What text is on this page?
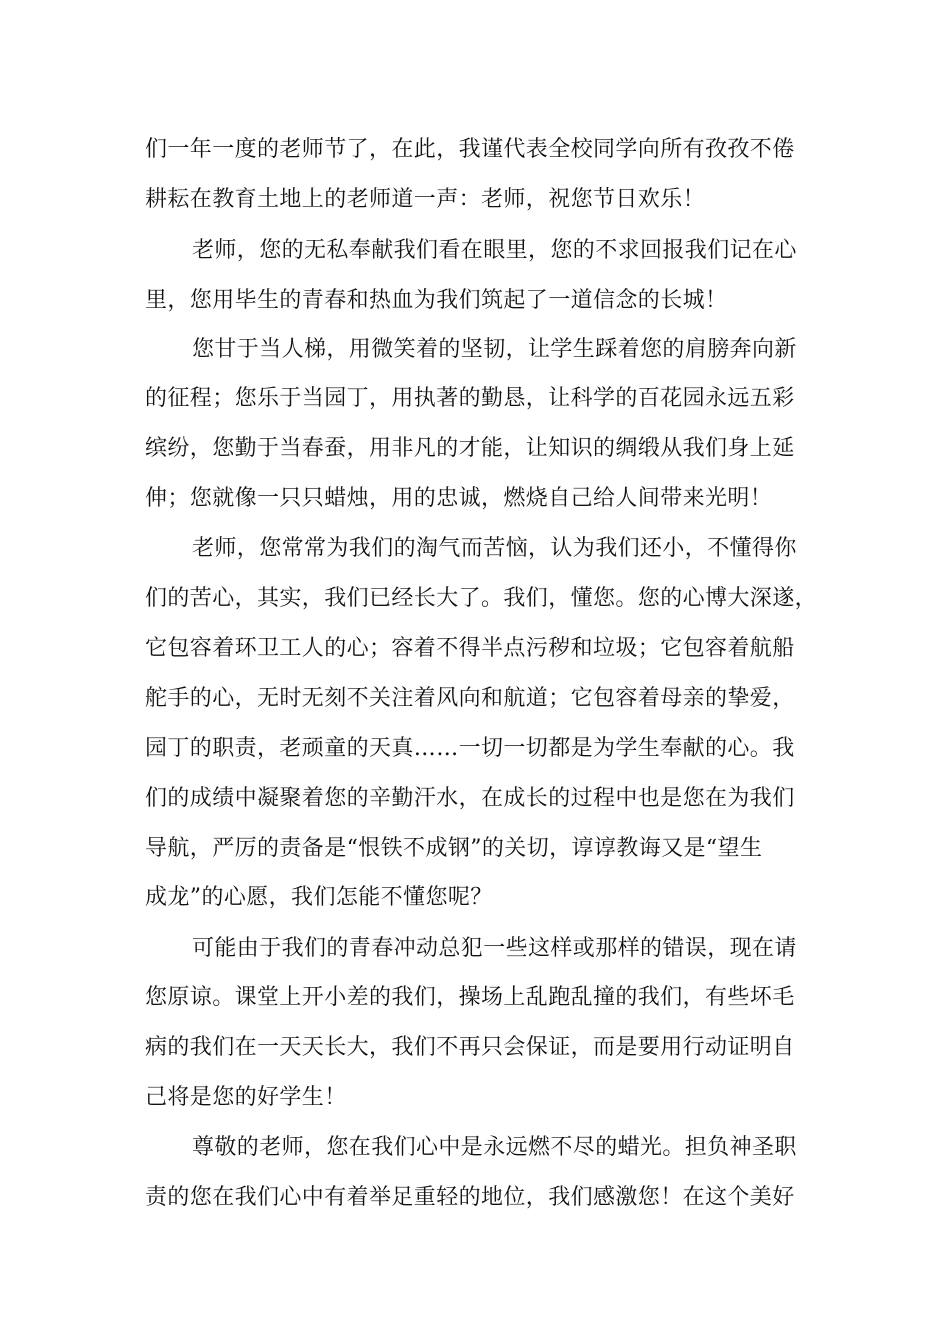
们一年一度的老师节了，在此，我谨代表全校同学向所有孜孜不倦
耕耘在教育土地上的老师道一声：老师，祝您节日欢乐！
老师，您的无私奉献我们看在眼里，您的不求回报我们记在心
里，您用毕生的青春和热血为我们筑起了一道信念的长城！
您甘于当人梯，用微笑着的坚韧，让学生踩着您的肩膀奔向新
的征程；您乐于当园丁，用执著的勤恳，让科学的百花园永远五彩
缤纷，您勤于当春蚕，用非凡的才能，让知识的绸缎从我们身上延
伸；您就像一只只蜡烛，用的忠诚，燃烧自己给人间带来光明！
老师，您常常为我们的淘气而苦恼，认为我们还小，不懂得你
们的苦心，其实，我们已经长大了。我们，懂您。您的心博大深遂，
它包容着环卫工人的心；容着不得半点污秽和垃圾；它包容着航船
舵手的心，无时无刻不关注着风向和航道；它包容着母亲的挚爱，
园丁的职责，老顽童的天真……一切一切都是为学生奉献的心。我
们的成绩中凝聚着您的辛勤汗水，在成长的过程中也是您在为我们
导航，严厉的责备是“恨铁不成钢”的关切，谆谆教诲又是“望生
成龙”的心愿，我们怎能不懂您呢？
可能由于我们的青春冲动总犯一些这样或那样的错误，现在请
您原谅。课堂上开小差的我们，操场上乱跑乱撞的我们，有些坏毛
病的我们在一天天长大，我们不再只会保证，而是要用行动证明自
己将是您的好学生！
尊敬的老师，您在我们心中是永远燃不尽的蜡光。担负神圣职
责的您在我们心中有着举足重轻的地位，我们感激您！在这个美好
